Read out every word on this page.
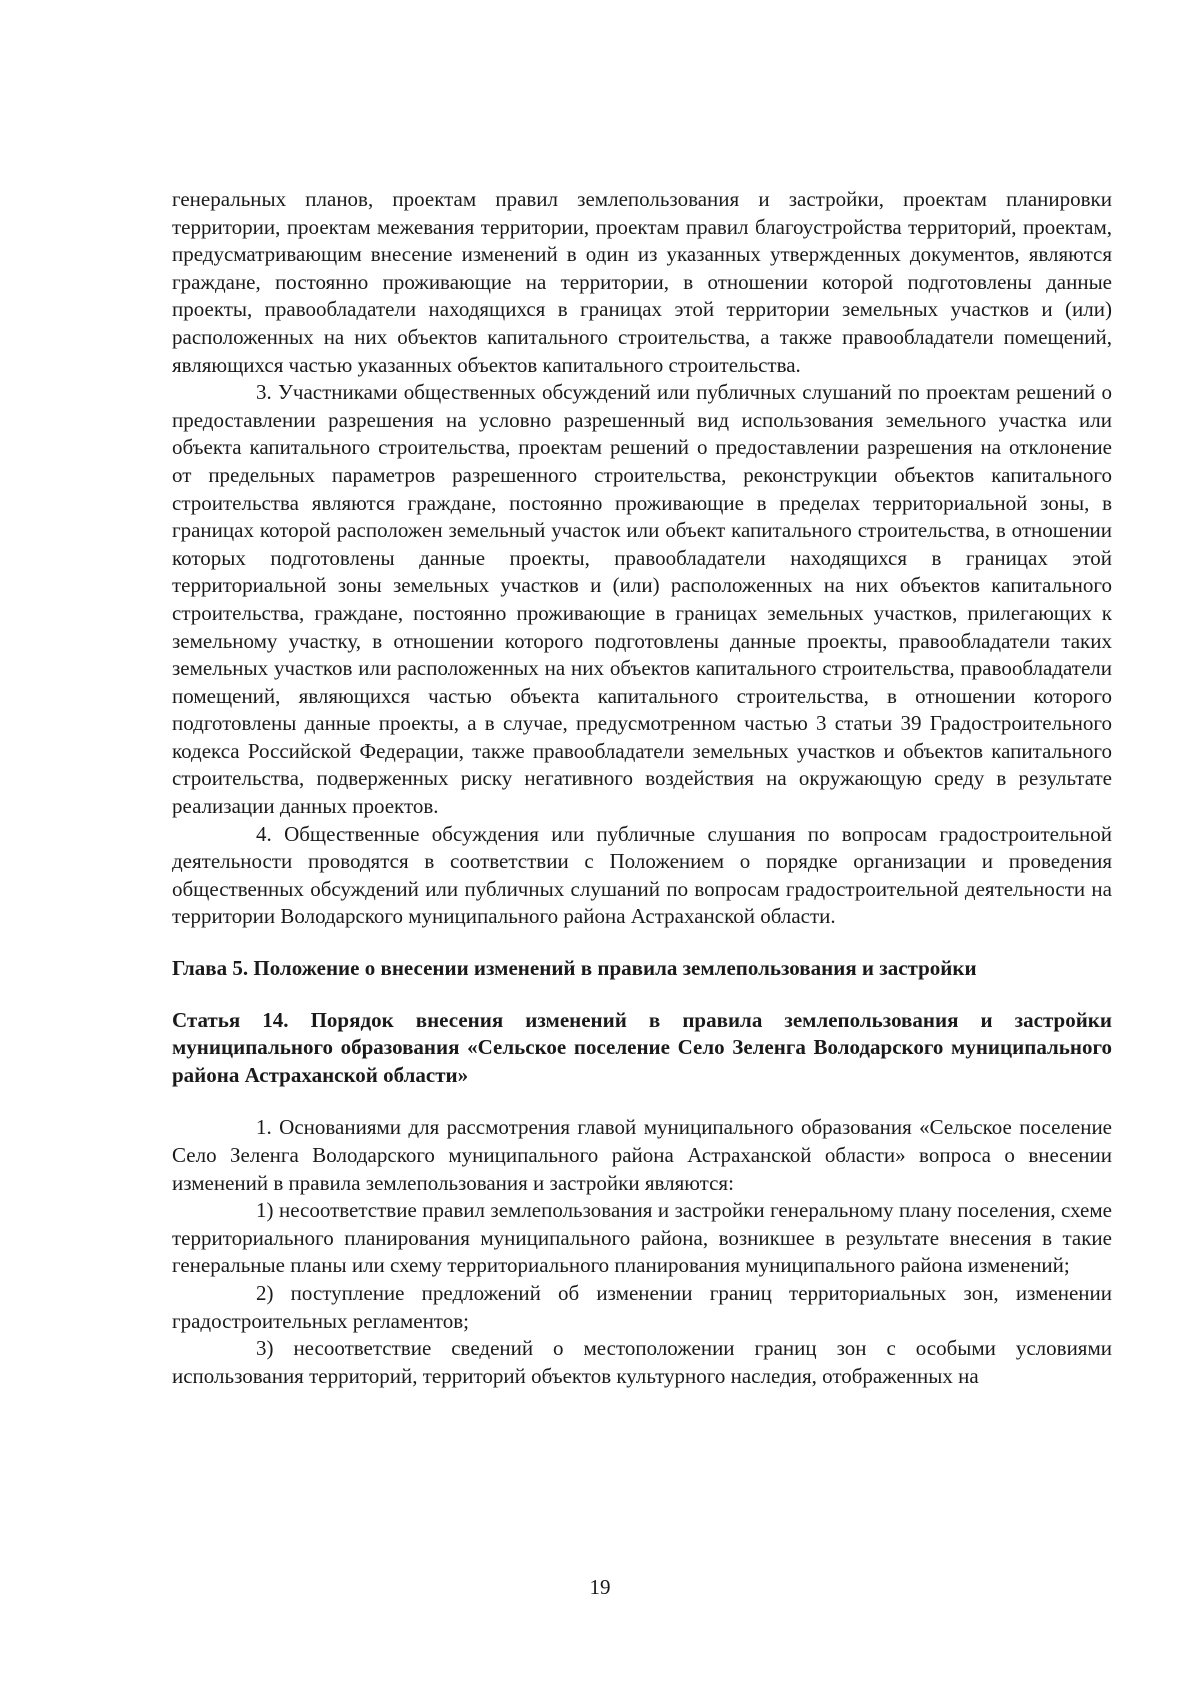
генеральных планов, проектам правил землепользования и застройки, проектам планировки территории, проектам межевания территории, проектам правил благоустройства территорий, проектам, предусматривающим внесение изменений в один из указанных утвержденных документов, являются граждане, постоянно проживающие на территории, в отношении которой подготовлены данные проекты, правообладатели находящихся в границах этой территории земельных участков и (или) расположенных на них объектов капитального строительства, а также правообладатели помещений, являющихся частью указанных объектов капитального строительства.

3. Участниками общественных обсуждений или публичных слушаний по проектам решений о предоставлении разрешения на условно разрешенный вид использования земельного участка или объекта капитального строительства, проектам решений о предоставлении разрешения на отклонение от предельных параметров разрешенного строительства, реконструкции объектов капитального строительства являются граждане, постоянно проживающие в пределах территориальной зоны, в границах которой расположен земельный участок или объект капитального строительства, в отношении которых подготовлены данные проекты, правообладатели находящихся в границах этой территориальной зоны земельных участков и (или) расположенных на них объектов капитального строительства, граждане, постоянно проживающие в границах земельных участков, прилегающих к земельному участку, в отношении которого подготовлены данные проекты, правообладатели таких земельных участков или расположенных на них объектов капитального строительства, правообладатели помещений, являющихся частью объекта капитального строительства, в отношении которого подготовлены данные проекты, а в случае, предусмотренном частью 3 статьи 39 Градостроительного кодекса Российской Федерации, также правообладатели земельных участков и объектов капитального строительства, подверженных риску негативного воздействия на окружающую среду в результате реализации данных проектов.

4. Общественные обсуждения или публичные слушания по вопросам градостроительной деятельности проводятся в соответствии с Положением о порядке организации и проведения общественных обсуждений или публичных слушаний по вопросам градостроительной деятельности на территории Володарского муниципального района Астраханской области.

Глава 5. Положение о внесении изменений в правила землепользования и застройки
Статья 14. Порядок внесения изменений в правила землепользования и застройки муниципального образования «Сельское поселение Село Зеленга Володарского муниципального района Астраханской области»

1. Основаниями для рассмотрения главой муниципального образования «Сельское поселение Село Зеленга Володарского муниципального района Астраханской области» вопроса о внесении изменений в правила землепользования и застройки являются:

1) несоответствие правил землепользования и застройки генеральному плану поселения, схеме территориального планирования муниципального района, возникшее в результате внесения в такие генеральные планы или схему территориального планирования муниципального района изменений;

2) поступление предложений об изменении границ территориальных зон, изменении градостроительных регламентов;

3) несоответствие сведений о местоположении границ зон с особыми условиями использования территорий, территорий объектов культурного наследия, отображенных на

19
